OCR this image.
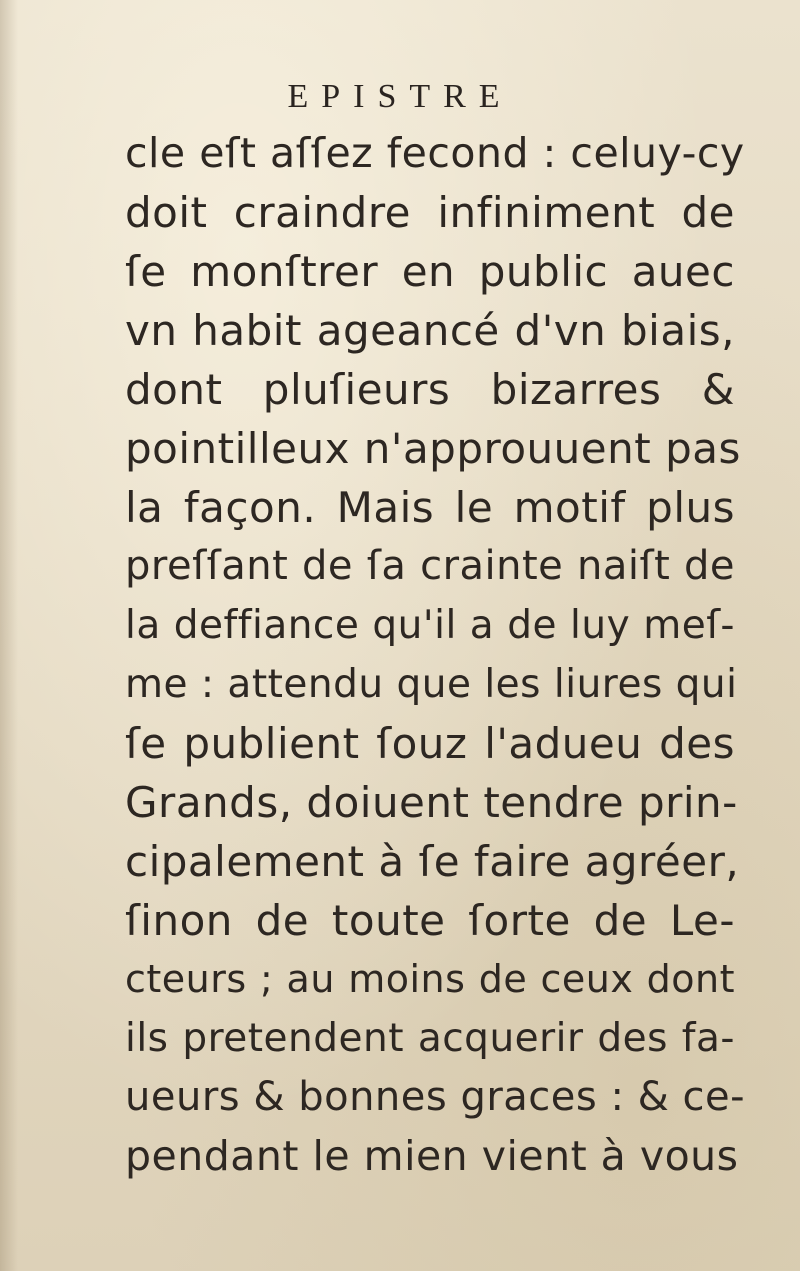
EPISTRE
cle eſt aſſez fecond : celuy-cy
doit craindre infiniment de
ſe monſtrer en public auec
vn habit ageancé d'vn biais,
dont pluſieurs bizarres &
pointilleux n'approuuent pas
la façon. Mais le motif plus
preſſant de ſa crainte naiſt de
la deffiance qu'il a de luy meſ-
me : attendu que les liures qui
ſe publient ſouz l'adueu des
Grands, doiuent tendre prin-
cipalement à ſe faire agréer,
ſinon de toute ſorte de Le-
ctеurs ; au moins de ceux dont
ils pretendent acquerir des fa-
ueurs & bonnes graces : & ce-
pendant le mien vient à vous
